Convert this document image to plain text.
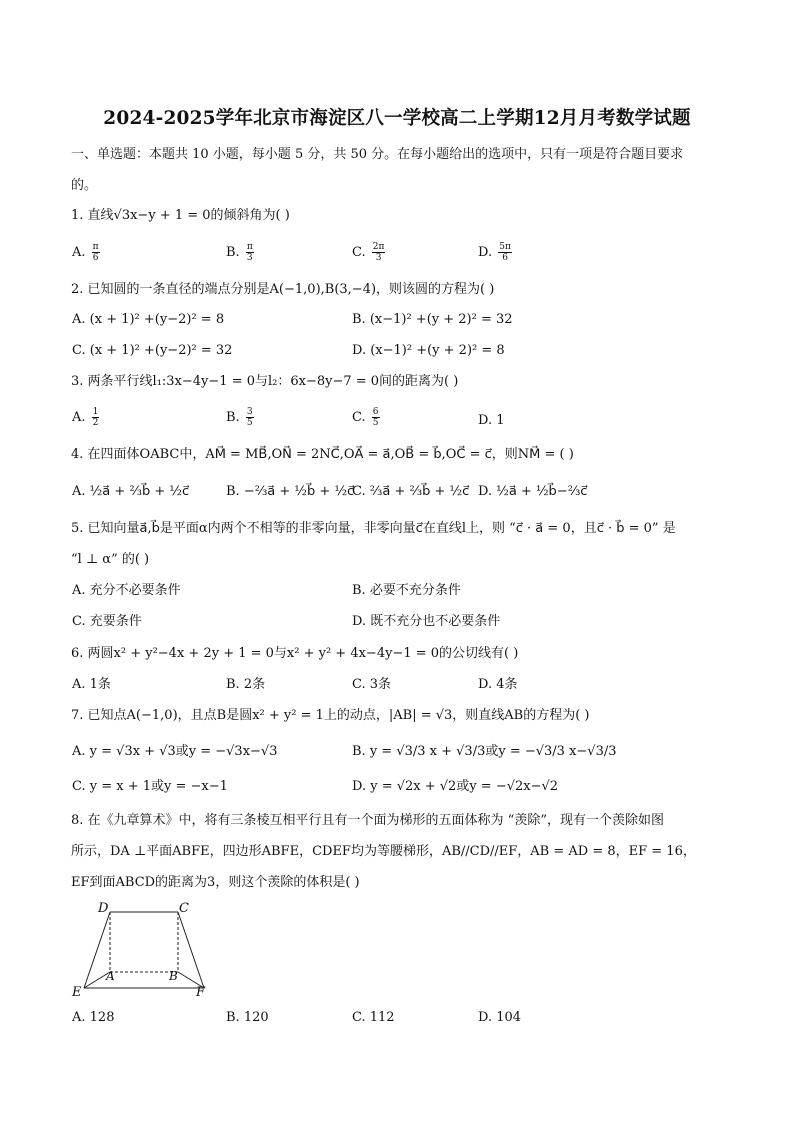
2024-2025学年北京市海淀区八一学校高二上学期12月月考数学试题
一、单选题：本题共 10 小题，每小题 5 分，共 50 分。在每小题给出的选项中，只有一项是符合题目要求
的。
1. 直线√3x−y + 1 = 0的倾斜角为( )
A. $\frac{\pi}{6}$	B. $\frac{\pi}{3}$	C. $\frac{2\pi}{3}$	D. $\frac{5\pi}{6}$
2. 已知圆的一条直径的端点分别是A(−1,0),B(3,−4)，则该圆的方程为( )
A. (x + 1)² +(y−2)² = 8	B. (x−1)² +(y + 2)² = 32
C. (x + 1)² +(y−2)² = 32	D. (x−1)² +(y + 2)² = 8
3. 两条平行线l₁:3x−4y−1 = 0与l₂：6x−8y−7 = 0间的距离为( )
A. $\frac{1}{2}$	B. $\frac{3}{5}$	C. $\frac{6}{5}$	D. 1
4. 在四面体OABC中，AM⃗ = MB⃗,ON⃗ = 2NC⃗,OA⃗ = a⃗,OB⃗ = b⃗,OC⃗ = c⃗，则NM⃗ = ( )
A. ½a⃗ + ⅔b⃗ + ½c⃗	B. −⅔a⃗ + ½b⃗ + ½c⃗
C. ⅔a⃗ + ⅔b⃗ + ½c⃗ D. ½a⃗ + ½b⃗−⅔c⃗
5. 已知向量a⃗,b⃗是平面α内两个不相等的非零向量，非零向量c⃗在直线l上，则 “c⃗ · a⃗ = 0，且c⃗ · b⃗ = 0” 是
“l ⊥ α” 的( )
A. 充分不必要条件	B. 必要不充分条件
C. 充要条件	D. 既不充分也不必要条件
6. 两圆x² + y²−4x + 2y + 1 = 0与x² + y² + 4x−4y−1 = 0的公切线有( )
A. 1条	B. 2条	C. 3条	D. 4条
7. 已知点A(−1,0)，且点B是圆x² + y² = 1上的动点，|AB| = √3，则直线AB的方程为( )
A. y = √3x + √3或y = −√3x−√3	B. y = √3/3 x + √3/3或y = −√3/3 x−√3/3
C. y = x + 1或y = −x−1	D. y = √2x + √2或y = −√2x−√2
8. 在《九章算术》中，将有三条棱互相平行且有一个面为梯形的五面体称为 “羡除”，现有一个羡除如图
所示，DA ⊥平面ABFE，四边形ABFE，CDEF均为等腰梯形，AB//CD//EF，AB = AD = 8，EF = 16，
EF到面ABCD的距离为3，则这个羡除的体积是( )
D	C
A	B
E	F
A. 128	B. 120	C. 112	D. 104
